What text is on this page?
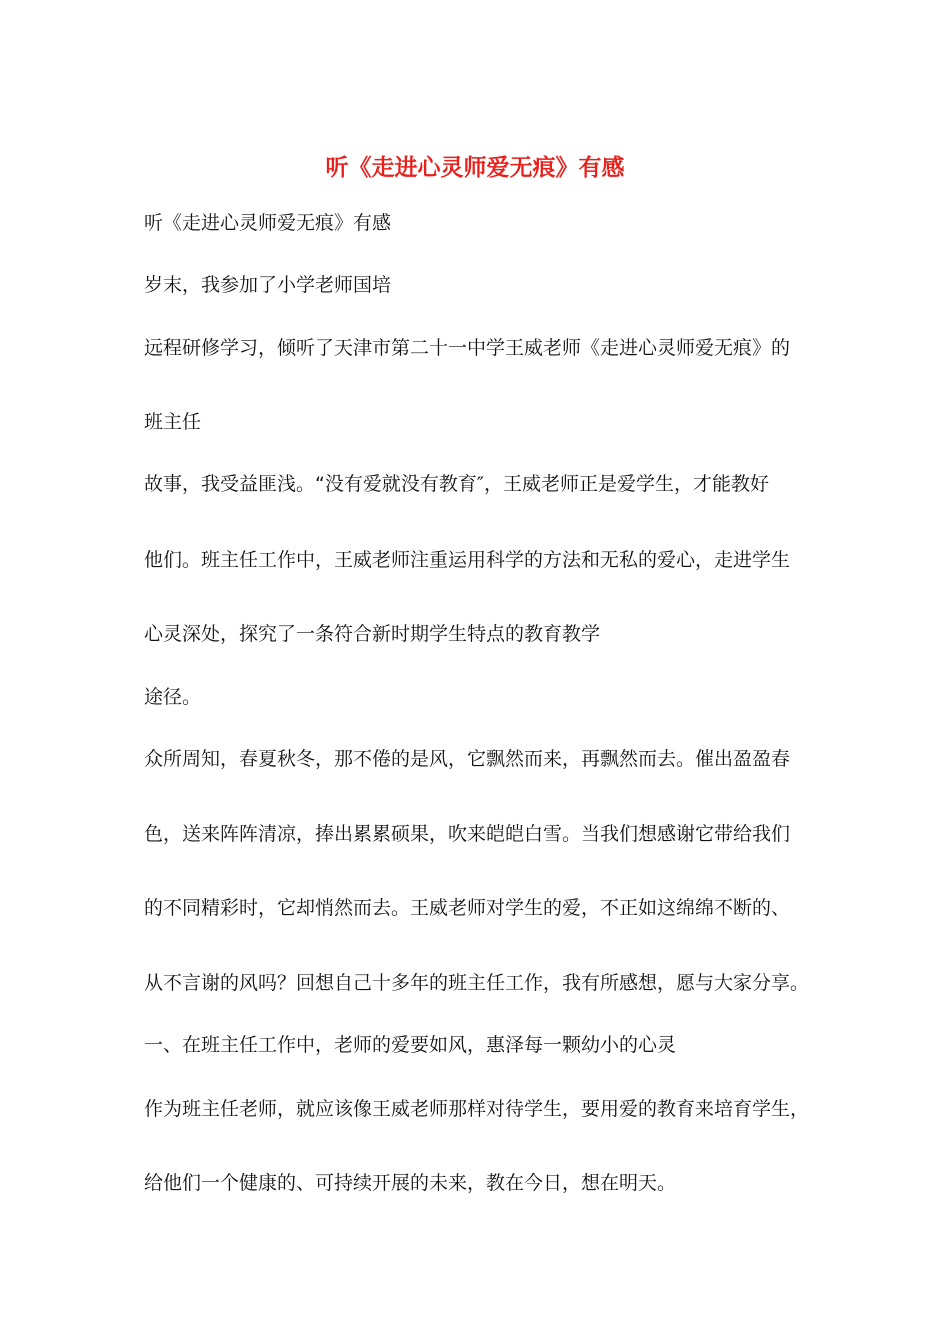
听《走进心灵师爱无痕》有感
听《走进心灵师爱无痕》有感
岁末，我参加了小学老师国培
远程研修学习，倾听了天津市第二十一中学王威老师《走进心灵师爱无痕》的
班主任
故事，我受益匪浅。“没有爱就没有教育″，王威老师正是爱学生，才能教好
他们。班主任工作中，王威老师注重运用科学的方法和无私的爱心，走进学生
心灵深处，探究了一条符合新时期学生特点的教育教学
途径。
众所周知，春夏秋冬，那不倦的是风，它飘然而来，再飘然而去。催出盈盈春
色，送来阵阵清凉，捧出累累硕果，吹来皑皑白雪。当我们想感谢它带给我们
的不同精彩时，它却悄然而去。王威老师对学生的爱，不正如这绵绵不断的、
从不言谢的风吗？回想自己十多年的班主任工作，我有所感想，愿与大家分享。
一、在班主任工作中，老师的爱要如风，惠泽每一颗幼小的心灵
作为班主任老师，就应该像王威老师那样对待学生，要用爱的教育来培育学生，
给他们一个健康的、可持续开展的未来，教在今日，想在明天。
